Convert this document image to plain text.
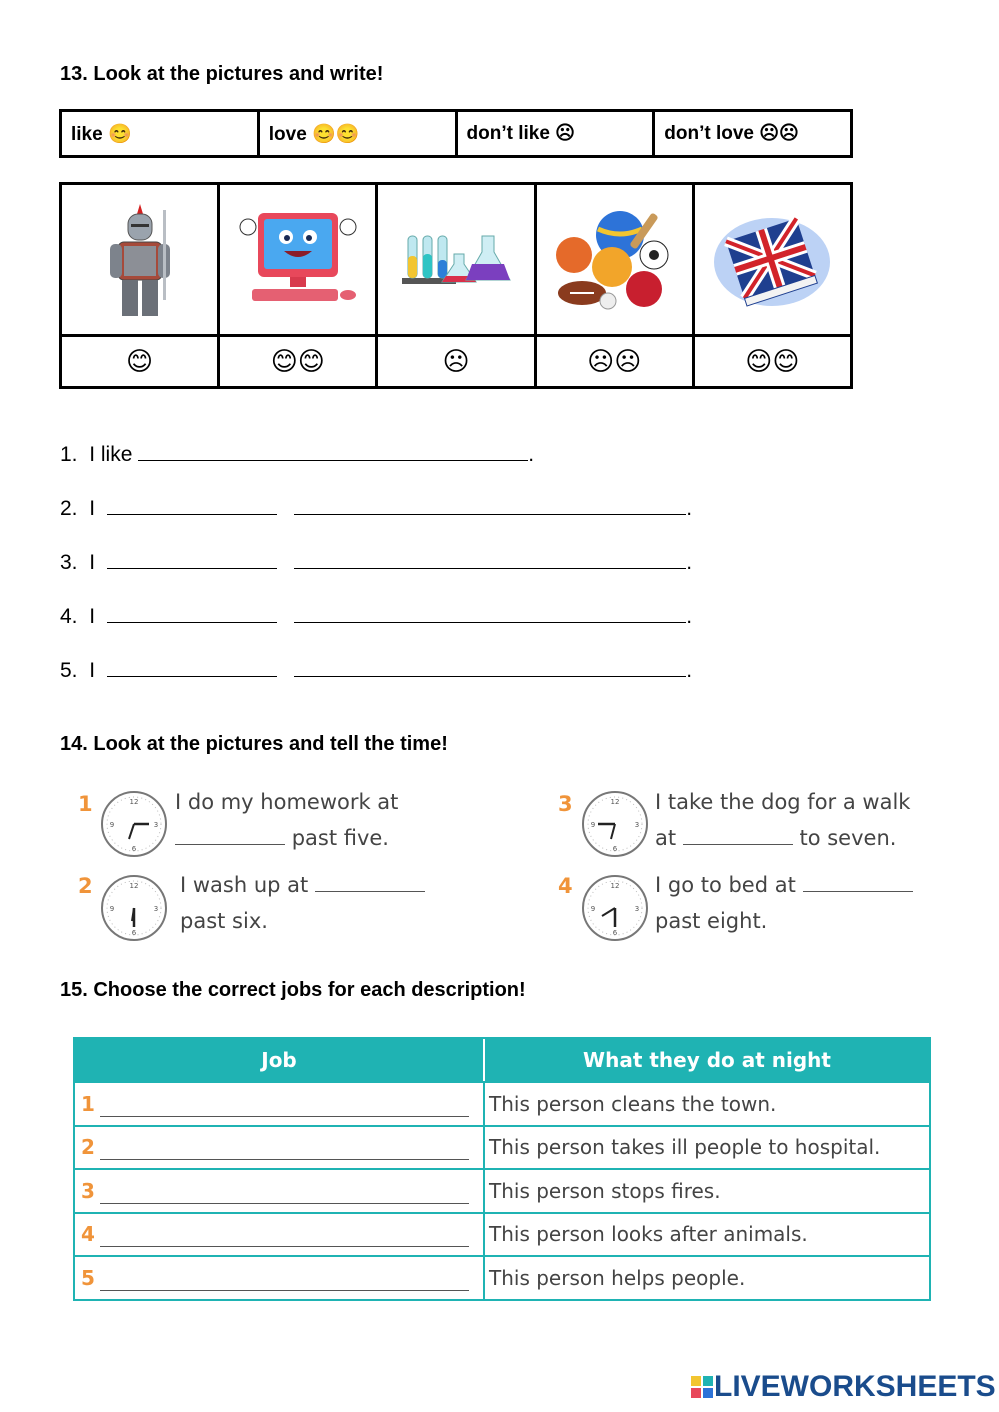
13. Look at the pictures and write!
like 😊	love 😊😊	don’t like ☹	don’t love ☹☹
😊	😊😊	☹	☹☹	😊😊
1. I like	.
2. I	.
3. I	.
4. I	.
5. I	.
14. Look at the pictures and tell the time!
1	12
3
6
9
I do my homework at
past five.
2	12
3
6
9
I wash up at
past six.
3	12
3
6
9
I take the dog for a walk
at	to seven.
4	12
3
6
9
I go to bed at
past eight.
15. Choose the correct jobs for each description!
Job	What they do at night
1	This person cleans the town.
2	This person takes ill people to hospital.
3	This person stops fires.
4	This person looks after animals.
5	This person helps people.
LIVEWORKSHEETS
